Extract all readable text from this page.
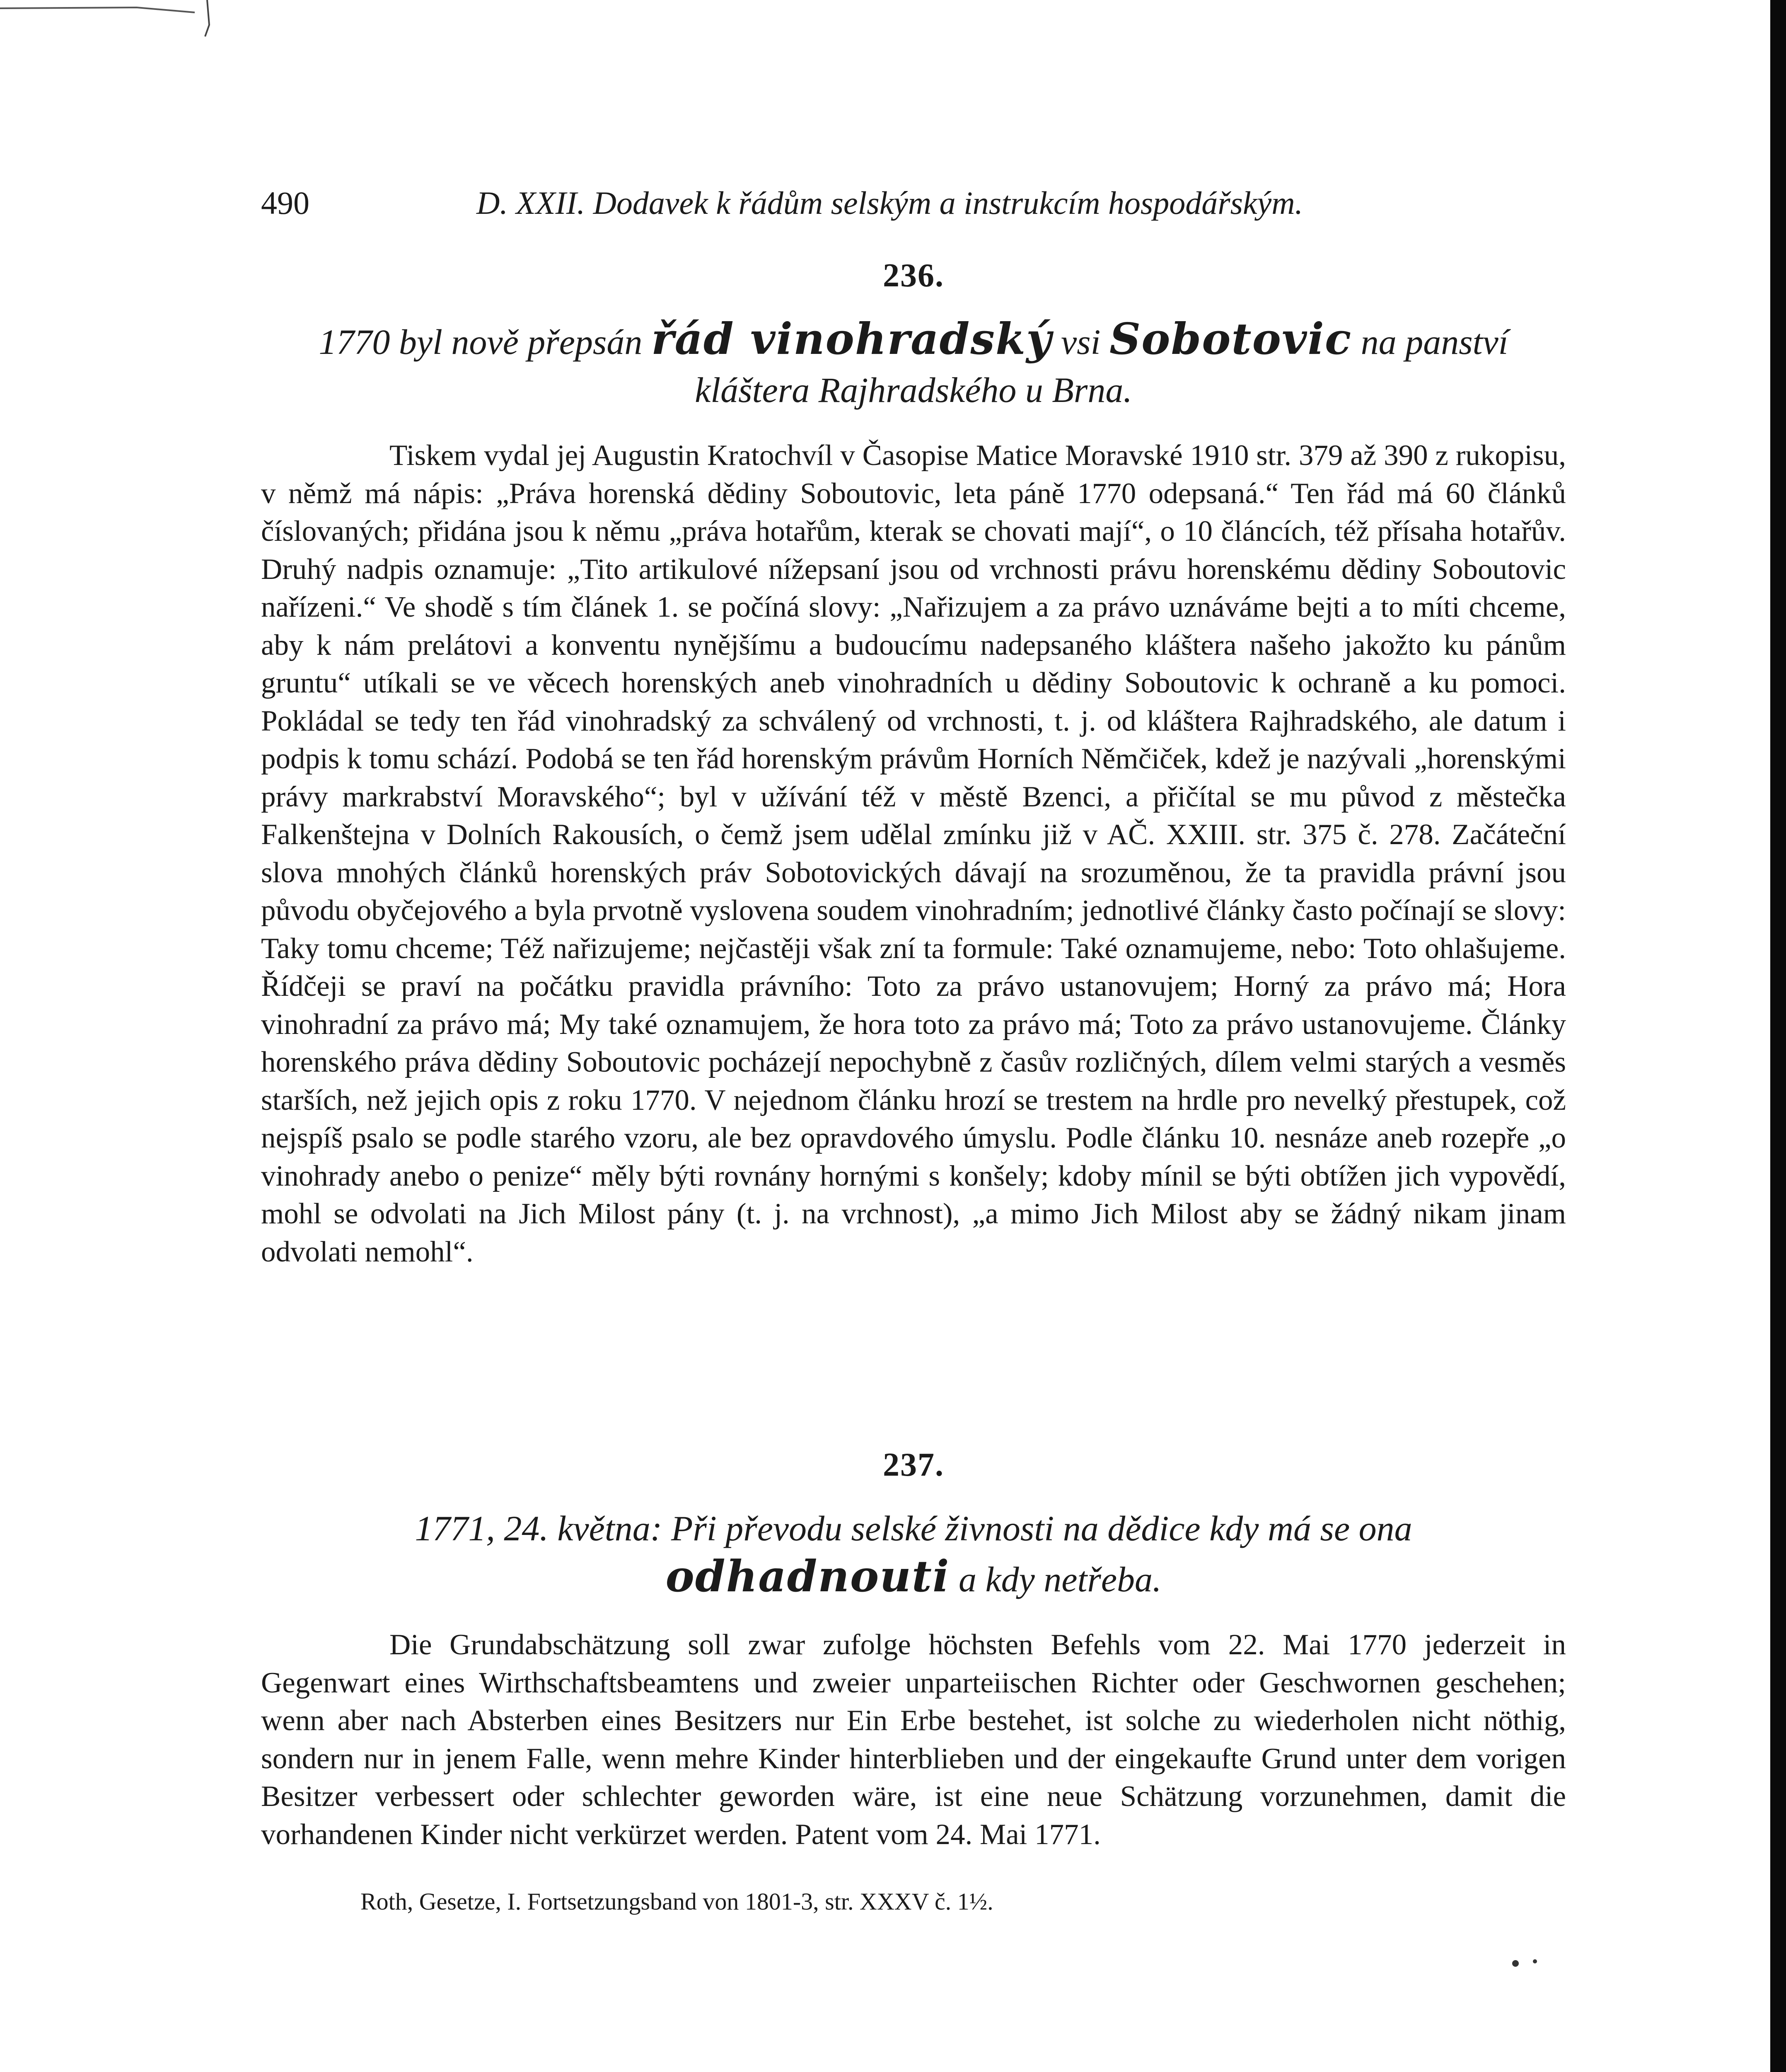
490	D. XXII. Dodavek k řádům selským a instrukcím hospodářským.
236.
1770 byl nově přepsán řád vinohradský vsi Sobotovic na panství kláštera Rajhradského u Brna.

Tiskem vydal jej Augustin Kratochvíl v Časopise Matice Moravské 1910 str. 379 až 390 z rukopisu, v němž má nápis: „Práva horenská dědiny Soboutovic, leta páně 1770 odepsaná.“ Ten řád má 60 článků číslovaných; přidána jsou k němu „práva hotařům, kterak se chovati mají“, o 10 článcích, též přísaha hotařův. Druhý nadpis oznamuje: „Tito artikulové nížepsaní jsou od vrchnosti právu horenskému dědiny Soboutovic nařízeni.“ Ve shodě s tím článek 1. se počíná slovy: „Nařizujem a za právo uznáváme bejti a to míti chceme, aby k nám prelátovi a konventu nynějšímu a budoucímu nadepsaného kláštera našeho jakožto ku pánům gruntu“ utíkali se ve věcech horenských aneb vinohradních u dědiny Soboutovic k ochraně a ku pomoci. Pokládal se tedy ten řád vinohradský za schválený od vrchnosti, t. j. od kláštera Rajhradského, ale datum i podpis k tomu schází. Podobá se ten řád horenským právům Horních Němčiček, kdež je nazývali „horenskými právy markrabství Moravského“; byl v užívání též v městě Bzenci, a přičítal se mu původ z městečka Falkenštejna v Dolních Rakousích, o čemž jsem udělal zmínku již v AČ. XXIII. str. 375 č. 278. Začáteční slova mnohých článků horenských práv Sobotovických dávají na srozuměnou, že ta pravidla právní jsou původu obyčejového a byla prvotně vyslovena soudem vinohradním; jednotlivé články často počínají se slovy: Taky tomu chceme; Též nařizujeme; nejčastěji však zní ta formule: Také oznamujeme, nebo: Toto ohlašujeme. Řídčeji se praví na počátku pravidla právního: Toto za právo ustanovujem; Horný za právo má; Hora vinohradní za právo má; My také oznamujem, že hora toto za právo má; Toto za právo ustanovujeme. Články horenského práva dědiny Soboutovic pocházejí nepochybně z časův rozličných, dílem velmi starých a vesměs starších, než jejich opis z roku 1770. V nejednom článku hrozí se trestem na hrdle pro nevelký přestupek, což nejspíš psalo se podle starého vzoru, ale bez opravdového úmyslu. Podle článku 10. nesnáze aneb rozepře „o vinohrady anebo o penize“ měly býti rovnány hornými s konšely; kdoby mínil se býti obtížen jich vypovědí, mohl se odvolati na Jich Milost pány (t. j. na vrchnost), „a mimo Jich Milost aby se žádný nikam jinam odvolati nemohl“.

237.
1771, 24. května: Při převodu selské živnosti na dědice kdy má se ona odhadnouti a kdy netřeba.

Die Grundabschätzung soll zwar zufolge höchsten Befehls vom 22. Mai 1770 jederzeit in Gegenwart eines Wirthschaftsbeamtens und zweier unparteiischen Richter oder Geschwornen geschehen; wenn aber nach Absterben eines Besitzers nur Ein Erbe bestehet, ist solche zu wiederholen nicht nöthig, sondern nur in jenem Falle, wenn mehre Kinder hinterblieben und der eingekaufte Grund unter dem vorigen Besitzer verbessert oder schlechter geworden wäre, ist eine neue Schätzung vorzunehmen, damit die vorhandenen Kinder nicht verkürzet werden. Patent vom 24. Mai 1771.

Roth, Gesetze, I. Fortsetzungsband von 1801-3, str. XXXV č. 1½.
